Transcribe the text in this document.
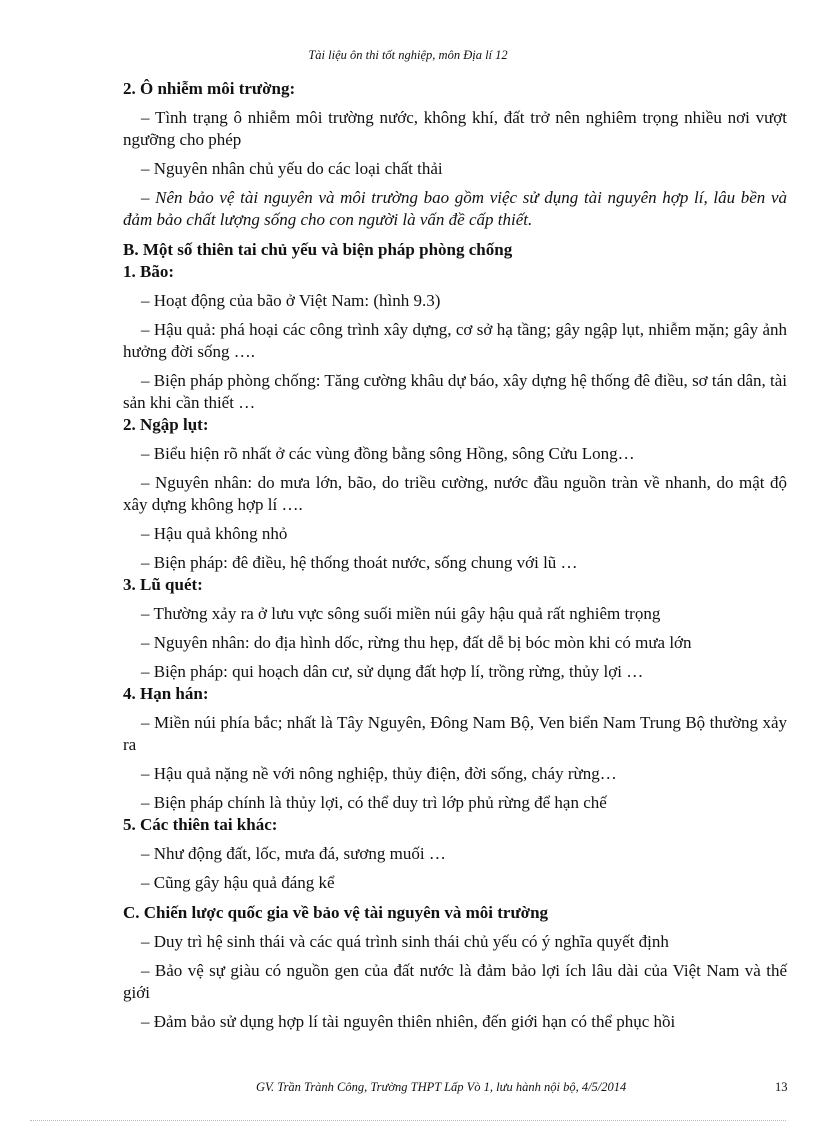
Tài liệu ôn thi tốt nghiệp, môn Địa lí 12

2. Ô nhiễm môi trường:

– Tình trạng ô nhiễm môi trường nước, không khí, đất trở nên nghiêm trọng nhiều nơi vượt ngưỡng cho phép

– Nguyên nhân chủ yếu do các loại chất thải

– Nên bảo vệ tài nguyên và môi trường bao gồm việc sử dụng tài nguyên hợp lí, lâu bền và đảm bảo chất lượng sống cho con người là vấn đề cấp thiết.

B. Một số thiên tai chủ yếu và biện pháp phòng chống

1. Bão:

– Hoạt động của bão ở Việt Nam: (hình 9.3)

– Hậu quả: phá hoại các công trình xây dựng, cơ sở hạ tầng; gây ngập lụt, nhiễm mặn; gây ảnh hưởng đời sống ….

– Biện pháp phòng chống: Tăng cường khâu dự báo, xây dựng hệ thống đê điều, sơ tán dân, tài sản khi cần thiết …

2. Ngập lụt:

– Biểu hiện rõ nhất ở các vùng đồng bằng sông Hồng, sông Cửu Long…

– Nguyên nhân: do mưa lớn, bão, do triều cường, nước đầu nguồn tràn về nhanh, do mật độ xây dựng không hợp lí ….

– Hậu quả không nhỏ

– Biện pháp: đê điều, hệ thống thoát nước, sống chung với lũ …

3. Lũ quét:

– Thường xảy ra ở lưu vực sông suối miền núi gây hậu quả rất nghiêm trọng

– Nguyên nhân: do địa hình dốc, rừng thu hẹp, đất dễ bị bóc mòn khi có mưa lớn

– Biện pháp: qui hoạch dân cư, sử dụng đất hợp lí, trồng rừng, thủy lợi …

4. Hạn hán:

– Miền núi phía bắc; nhất là Tây Nguyên, Đông Nam Bộ, Ven biển Nam Trung Bộ thường xảy ra

– Hậu quả nặng nề với nông nghiệp, thủy điện, đời sống, cháy rừng…

– Biện pháp chính là thủy lợi, có thể duy trì lớp phủ rừng để hạn chế

5. Các thiên tai khác:

– Như động đất, lốc, mưa đá, sương muối …

– Cũng gây hậu quả đáng kể

C. Chiến lược quốc gia về bảo vệ tài nguyên và môi trường

– Duy trì hệ sinh thái và các quá trình sinh thái chủ yếu có ý nghĩa quyết định

– Bảo vệ sự giàu có nguồn gen của đất nước là đảm bảo lợi ích lâu dài của Việt Nam và thế giới

– Đảm bảo sử dụng hợp lí tài nguyên thiên nhiên, đến giới hạn có thể phục hồi

GV. Trần Trành Công, Trường THPT Lấp Vò 1, lưu hành nội bộ, 4/5/2014	13
